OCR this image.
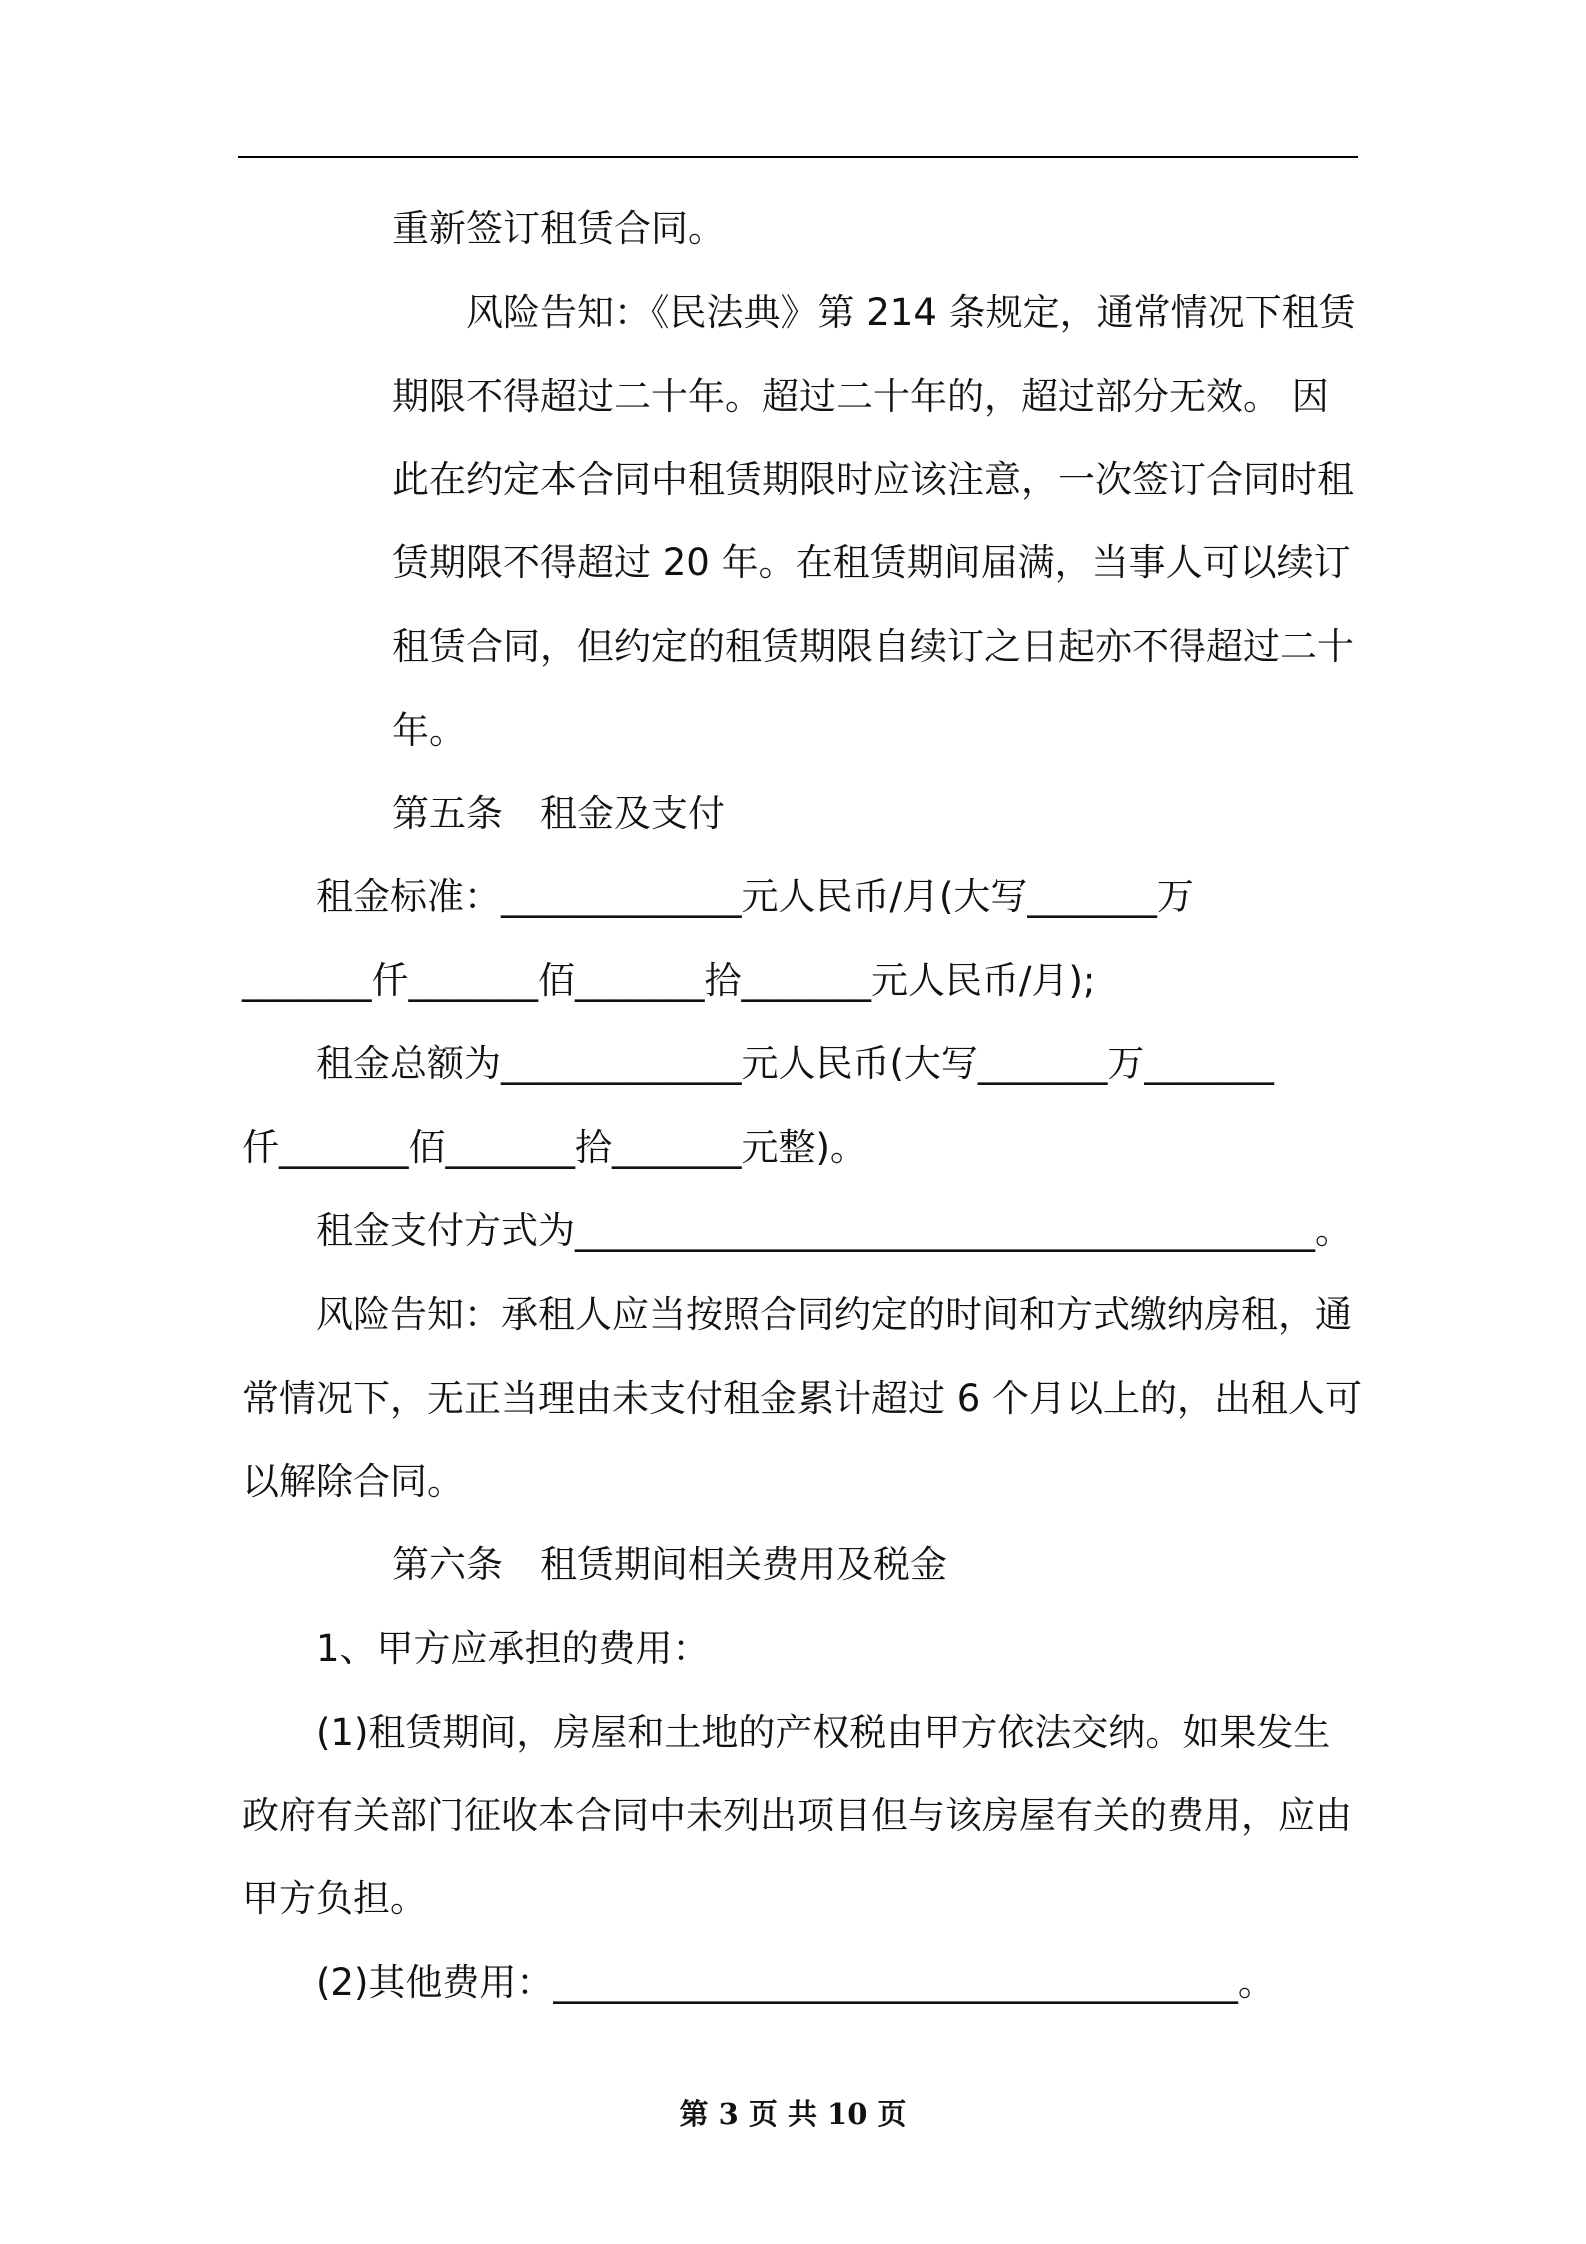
重新签订租赁合同。
风险告知：《民法典》第 214 条规定，通常情况下租赁
期限不得超过二十年。超过二十年的，超过部分无效。 因
此在约定本合同中租赁期限时应该注意，一次签订合同时租
赁期限不得超过 20 年。在租赁期间届满，当事人可以续订
租赁合同，但约定的租赁期限自续订之日起亦不得超过二十
年。
第五条　租金及支付
租金标准：_____________元人民币/月(大写_______万
_______仟_______佰_______拾_______元人民币/月);
租金总额为_____________元人民币(大写_______万_______
仟_______佰_______拾_______元整)。
租金支付方式为________________________________________。
风险告知：承租人应当按照合同约定的时间和方式缴纳房租，通
常情况下，无正当理由未支付租金累计超过 6 个月以上的，出租人可
以解除合同。
第六条　租赁期间相关费用及税金
1、甲方应承担的费用：
(1)租赁期间，房屋和土地的产权税由甲方依法交纳。如果发生
政府有关部门征收本合同中未列出项目但与该房屋有关的费用，应由
甲方负担。
(2)其他费用：_____________________________________。
第 3 页 共 10 页
